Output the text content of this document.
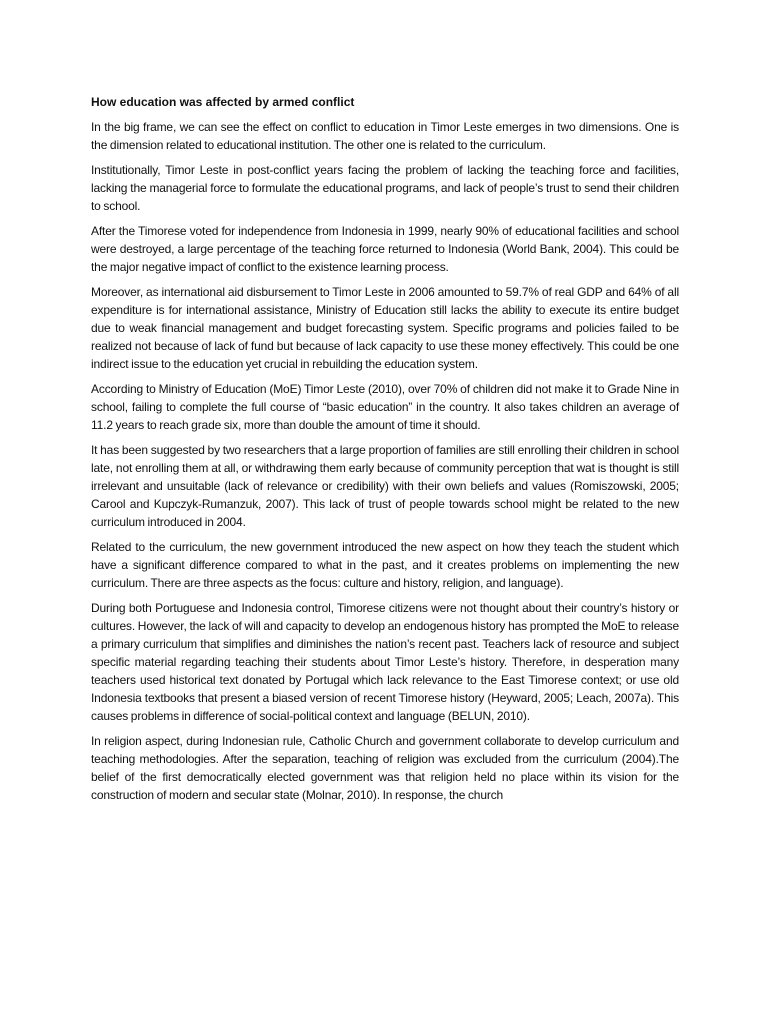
How education was affected by armed conflict

In the big frame, we can see the effect on conflict to education in Timor Leste emerges in two dimensions. One is the dimension related to educational institution. The other one is related to the curriculum.

Institutionally, Timor Leste in post-conflict years facing the problem of lacking the teaching force and facilities, lacking the managerial force to formulate the educational programs, and lack of people’s trust to send their children to school.

After the Timorese voted for independence from Indonesia in 1999, nearly 90% of educational facilities and school were destroyed, a large percentage of the teaching force returned to Indonesia (World Bank, 2004). This could be the major negative impact of conflict to the existence learning process.

Moreover, as international aid disbursement to Timor Leste in 2006 amounted to 59.7% of real GDP and 64% of all expenditure is for international assistance, Ministry of Education still lacks the ability to execute its entire budget due to weak financial management and budget forecasting system. Specific programs and policies failed to be realized not because of lack of fund but because of lack capacity to use these money effectively. This could be one indirect issue to the education yet crucial in rebuilding the education system.

According to Ministry of Education (MoE) Timor Leste (2010), over 70% of children did not make it to Grade Nine in school, failing to complete the full course of “basic education” in the country. It also takes children an average of 11.2 years to reach grade six, more than double the amount of time it should.

It has been suggested by two researchers that a large proportion of families are still enrolling their children in school late, not enrolling them at all, or withdrawing them early because of community perception that wat is thought is still irrelevant and unsuitable (lack of relevance or credibility) with their own beliefs and values (Romiszowski, 2005; Carool and Kupczyk-Rumanzuk, 2007). This lack of trust of people towards school might be related to the new curriculum introduced in 2004.

Related to the curriculum, the new government introduced the new aspect on how they teach the student which have a significant difference compared to what in the past, and it creates problems on implementing the new curriculum. There are three aspects as the focus: culture and history, religion, and language).

During both Portuguese and Indonesia control, Timorese citizens were not thought about their country’s history or cultures. However, the lack of will and capacity to develop an endogenous history has prompted the MoE to release a primary curriculum that simplifies and diminishes the nation’s recent past. Teachers lack of resource and subject specific material regarding teaching their students about Timor Leste’s history. Therefore, in desperation many teachers used historical text donated by Portugal which lack relevance to the East Timorese context; or use old Indonesia textbooks that present a biased version of recent Timorese history (Heyward, 2005; Leach, 2007a). This causes problems in difference of social-political context and language (BELUN, 2010).

In religion aspect, during Indonesian rule, Catholic Church and government collaborate to develop curriculum and teaching methodologies. After the separation, teaching of religion was excluded from the curriculum (2004).The belief of the first democratically elected government was that religion held no place within its vision for the construction of modern and secular state (Molnar, 2010). In response, the church
